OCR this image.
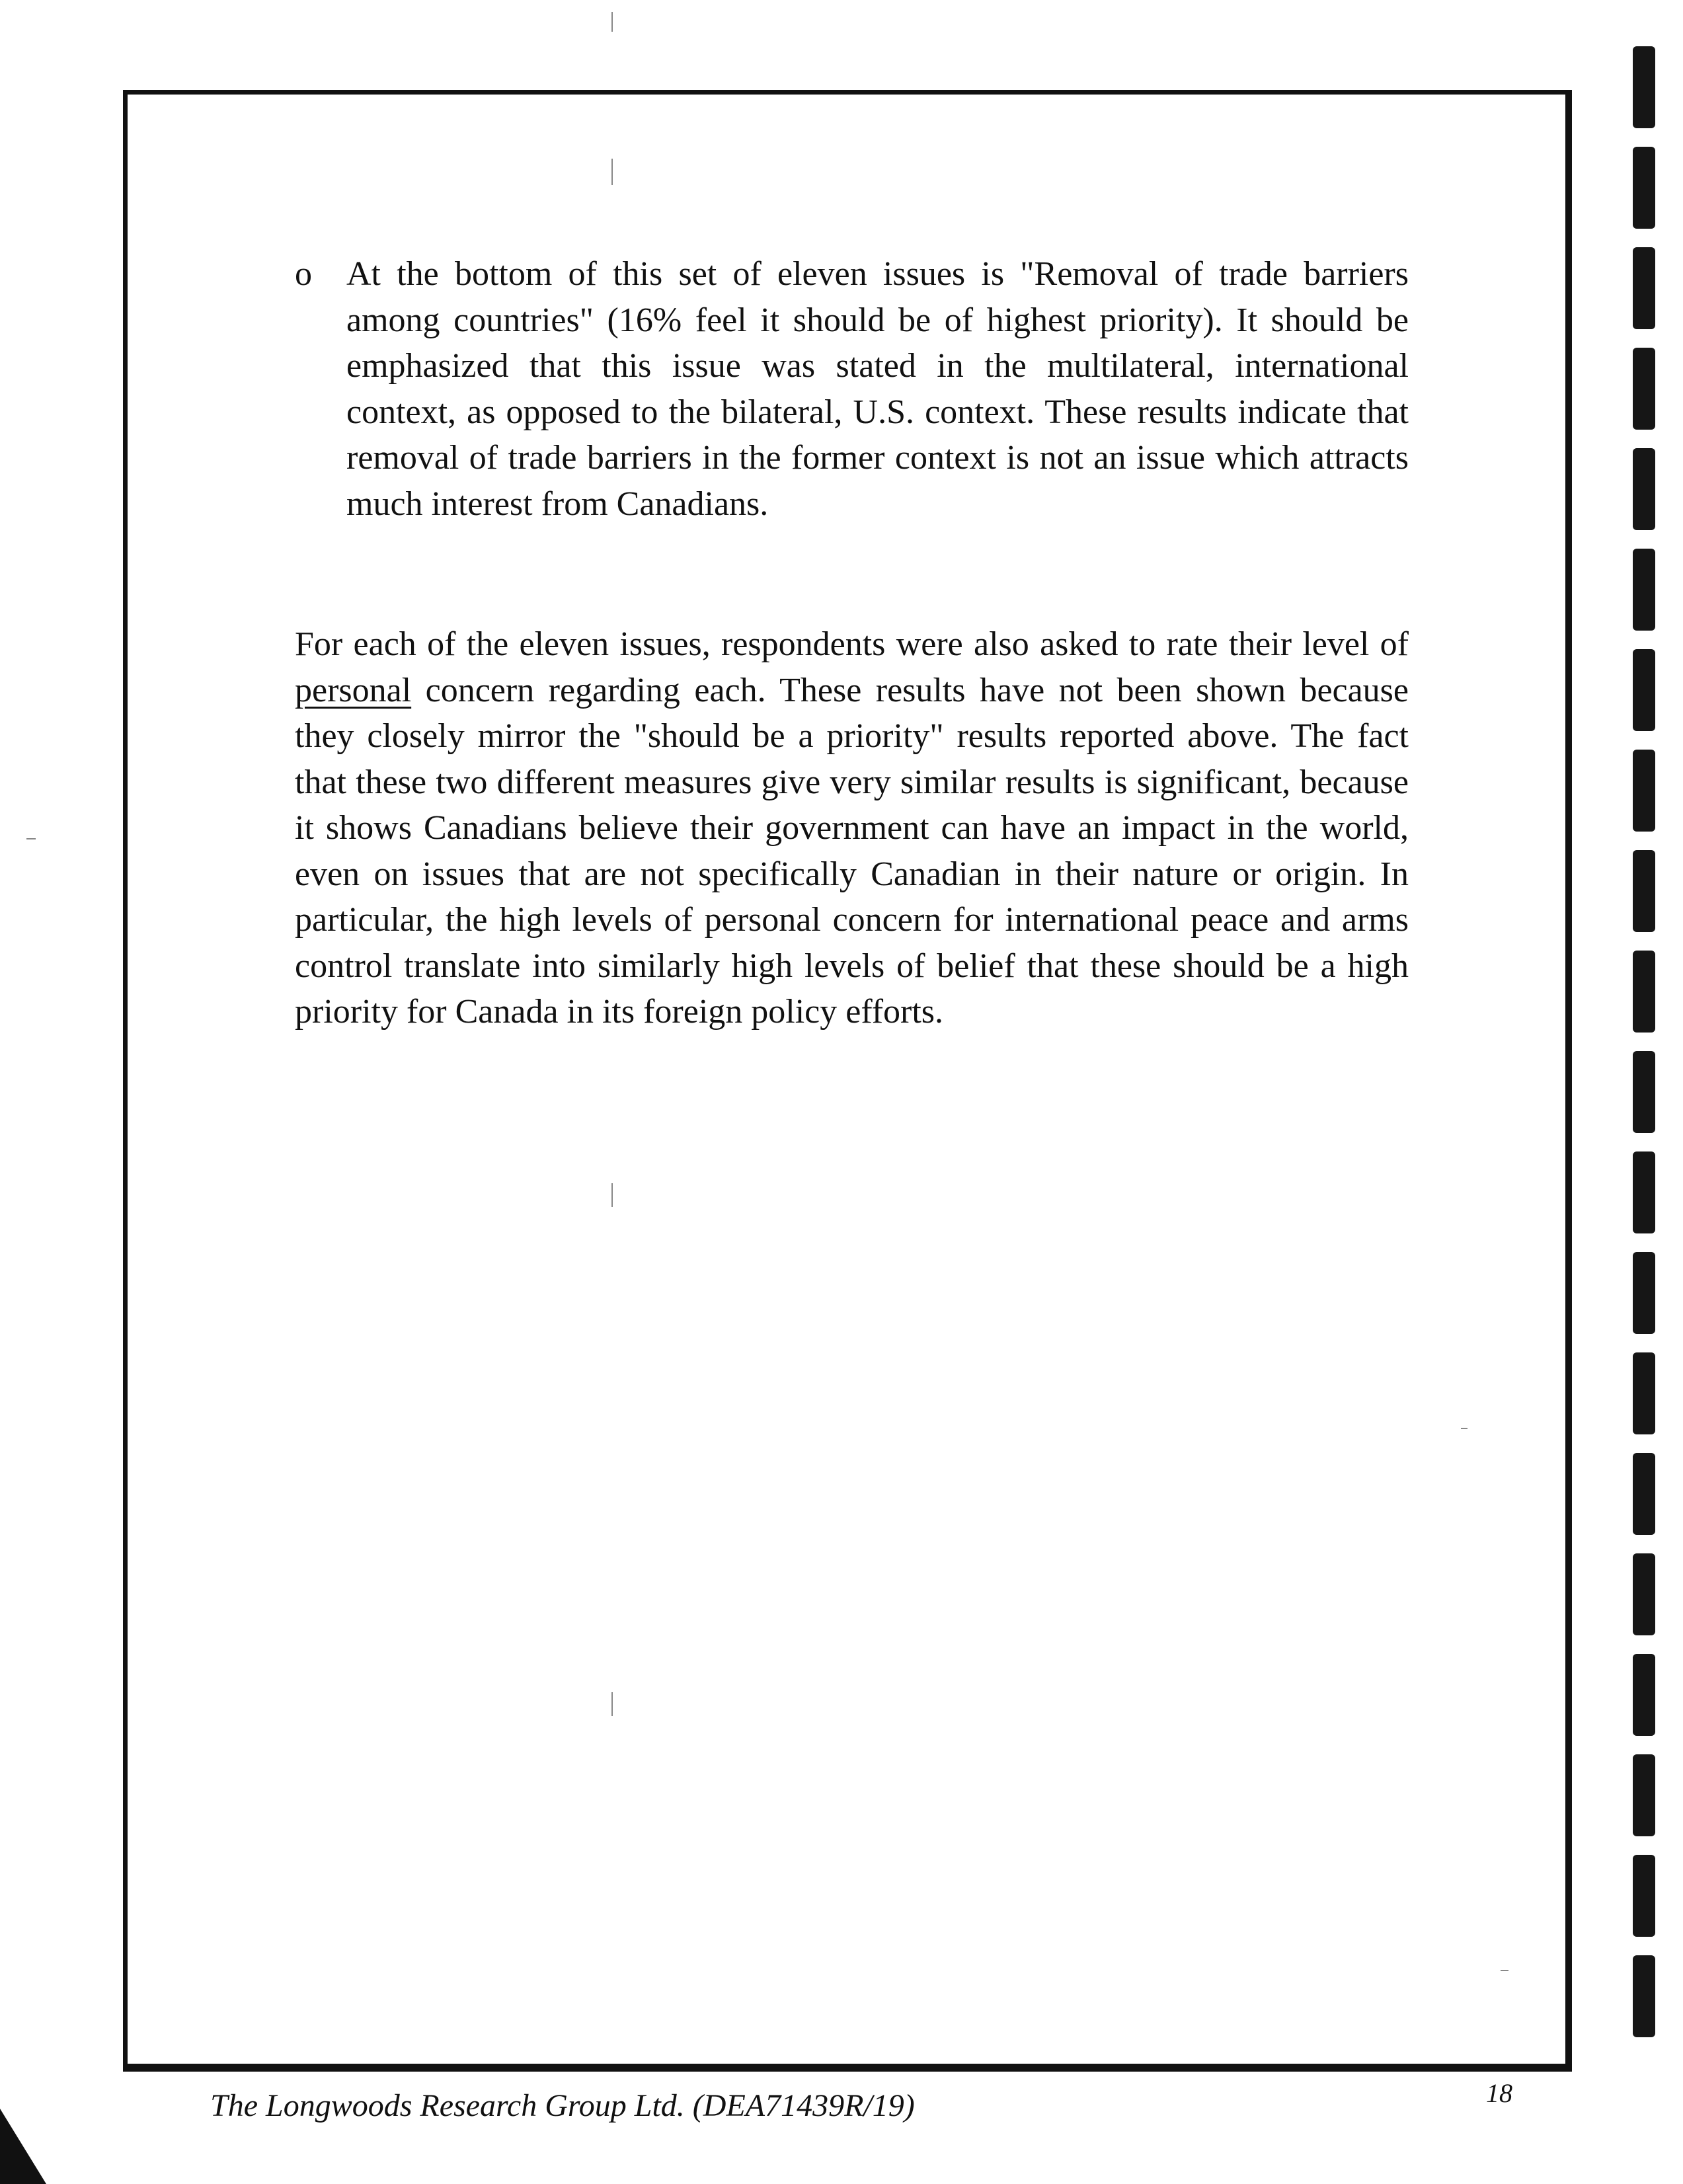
o	At the bottom of this set of eleven issues is "Removal of trade barriers among countries" (16% feel it should be of highest priority). It should be emphasized that this issue was stated in the multilateral, international context, as opposed to the bilateral, U.S. context. These results indicate that removal of trade barriers in the former context is not an issue which attracts much interest from Canadians.
For each of the eleven issues, respondents were also asked to rate their level of personal concern regarding each. These results have not been shown because they closely mirror the "should be a priority" results reported above. The fact that these two different measures give very similar results is significant, because it shows Canadians believe their government can have an impact in the world, even on issues that are not specifically Canadian in their nature or origin. In particular, the high levels of personal concern for international peace and arms control translate into similarly high levels of belief that these should be a high priority for Canada in its foreign policy efforts.
The Longwoods Research Group Ltd. (DEA71439R/19)	18
